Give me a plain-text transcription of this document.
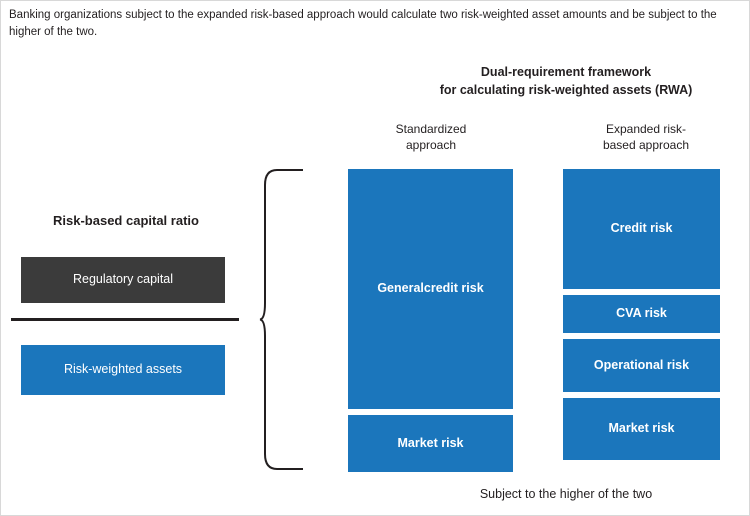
Banking organizations subject to the expanded risk-based approach would calculate two risk-weighted asset amounts and be subject to the higher of the two.
Dual-requirement framework
for calculating risk-weighted assets (RWA)
Standardized
approach
Expanded risk-
based approach
Risk-based capital ratio
Regulatory capital
Risk-weighted assets
General credit risk
Market risk
Credit risk
CVA risk
Operational risk
Market risk
Subject to the higher of the two
